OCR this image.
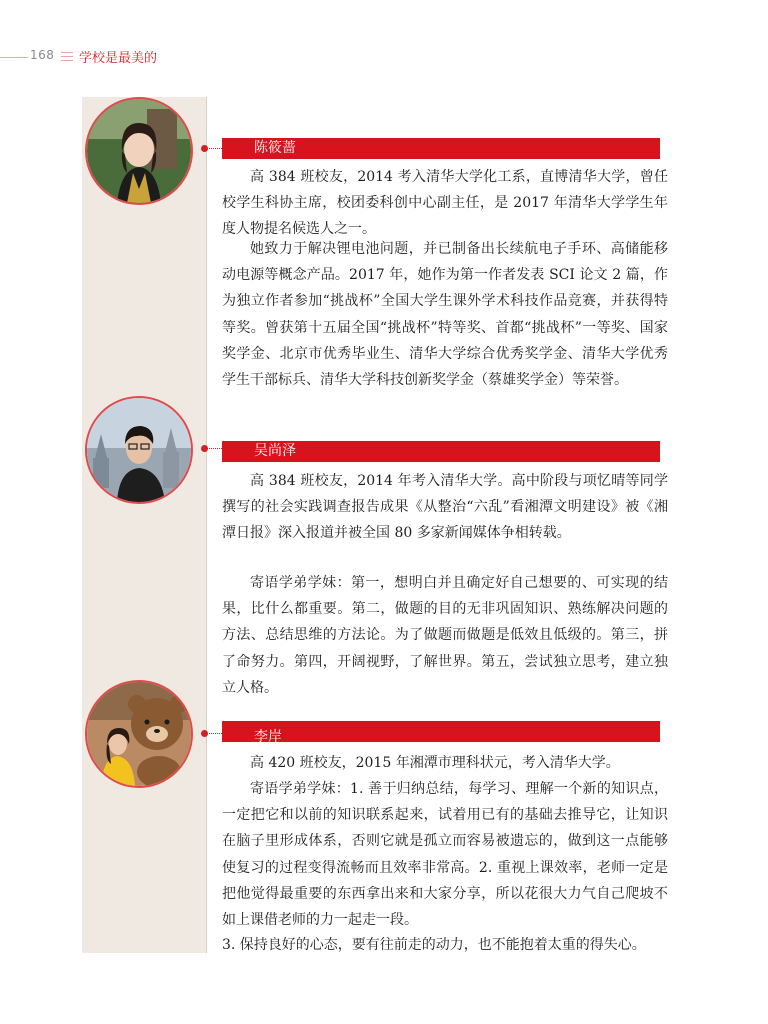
168 学校是最美的
陈筱蔷

高 384 班校友，2014 考入清华大学化工系，直博清华大学，曾任校学生科协主席，校团委科创中心副主任，是 2017 年清华大学学生年度人物提名候选人之一。

她致力于解决锂电池问题，并已制备出长续航电子手环、高储能移动电源等概念产品。2017 年，她作为第一作者发表 SCI 论文 2 篇，作为独立作者参加“挑战杯”全国大学生课外学术科技作品竞赛，并获得特等奖。曾获第十五届全国“挑战杯”特等奖、首都“挑战杯”一等奖、国家奖学金、北京市优秀毕业生、清华大学综合优秀奖学金、清华大学优秀学生干部标兵、清华大学科技创新奖学金（蔡雄奖学金）等荣誉。

吴尚泽

高 384 班校友，2014 年考入清华大学。高中阶段与项忆晴等同学撰写的社会实践调查报告成果《从整治“六乱”看湘潭文明建设》被《湘潭日报》深入报道并被全国 80 多家新闻媒体争相转载。

寄语学弟学妹：第一，想明白并且确定好自己想要的、可实现的结果，比什么都重要。第二，做题的目的无非巩固知识、熟练解决问题的方法、总结思维的方法论。为了做题而做题是低效且低级的。第三，拼了命努力。第四，开阔视野，了解世界。第五，尝试独立思考，建立独立人格。

李岸

高 420 班校友，2015 年湘潭市理科状元，考入清华大学。

寄语学弟学妹：1. 善于归纳总结，每学习、理解一个新的知识点，一定把它和以前的知识联系起来，试着用已有的基础去推导它，让知识在脑子里形成体系，否则它就是孤立而容易被遗忘的，做到这一点能够使复习的过程变得流畅而且效率非常高。2. 重视上课效率，老师一定是把他觉得最重要的东西拿出来和大家分享，所以花很大力气自己爬坡不如上课借老师的力一起走一段。

3. 保持良好的心态，要有往前走的动力，也不能抱着太重的得失心。
